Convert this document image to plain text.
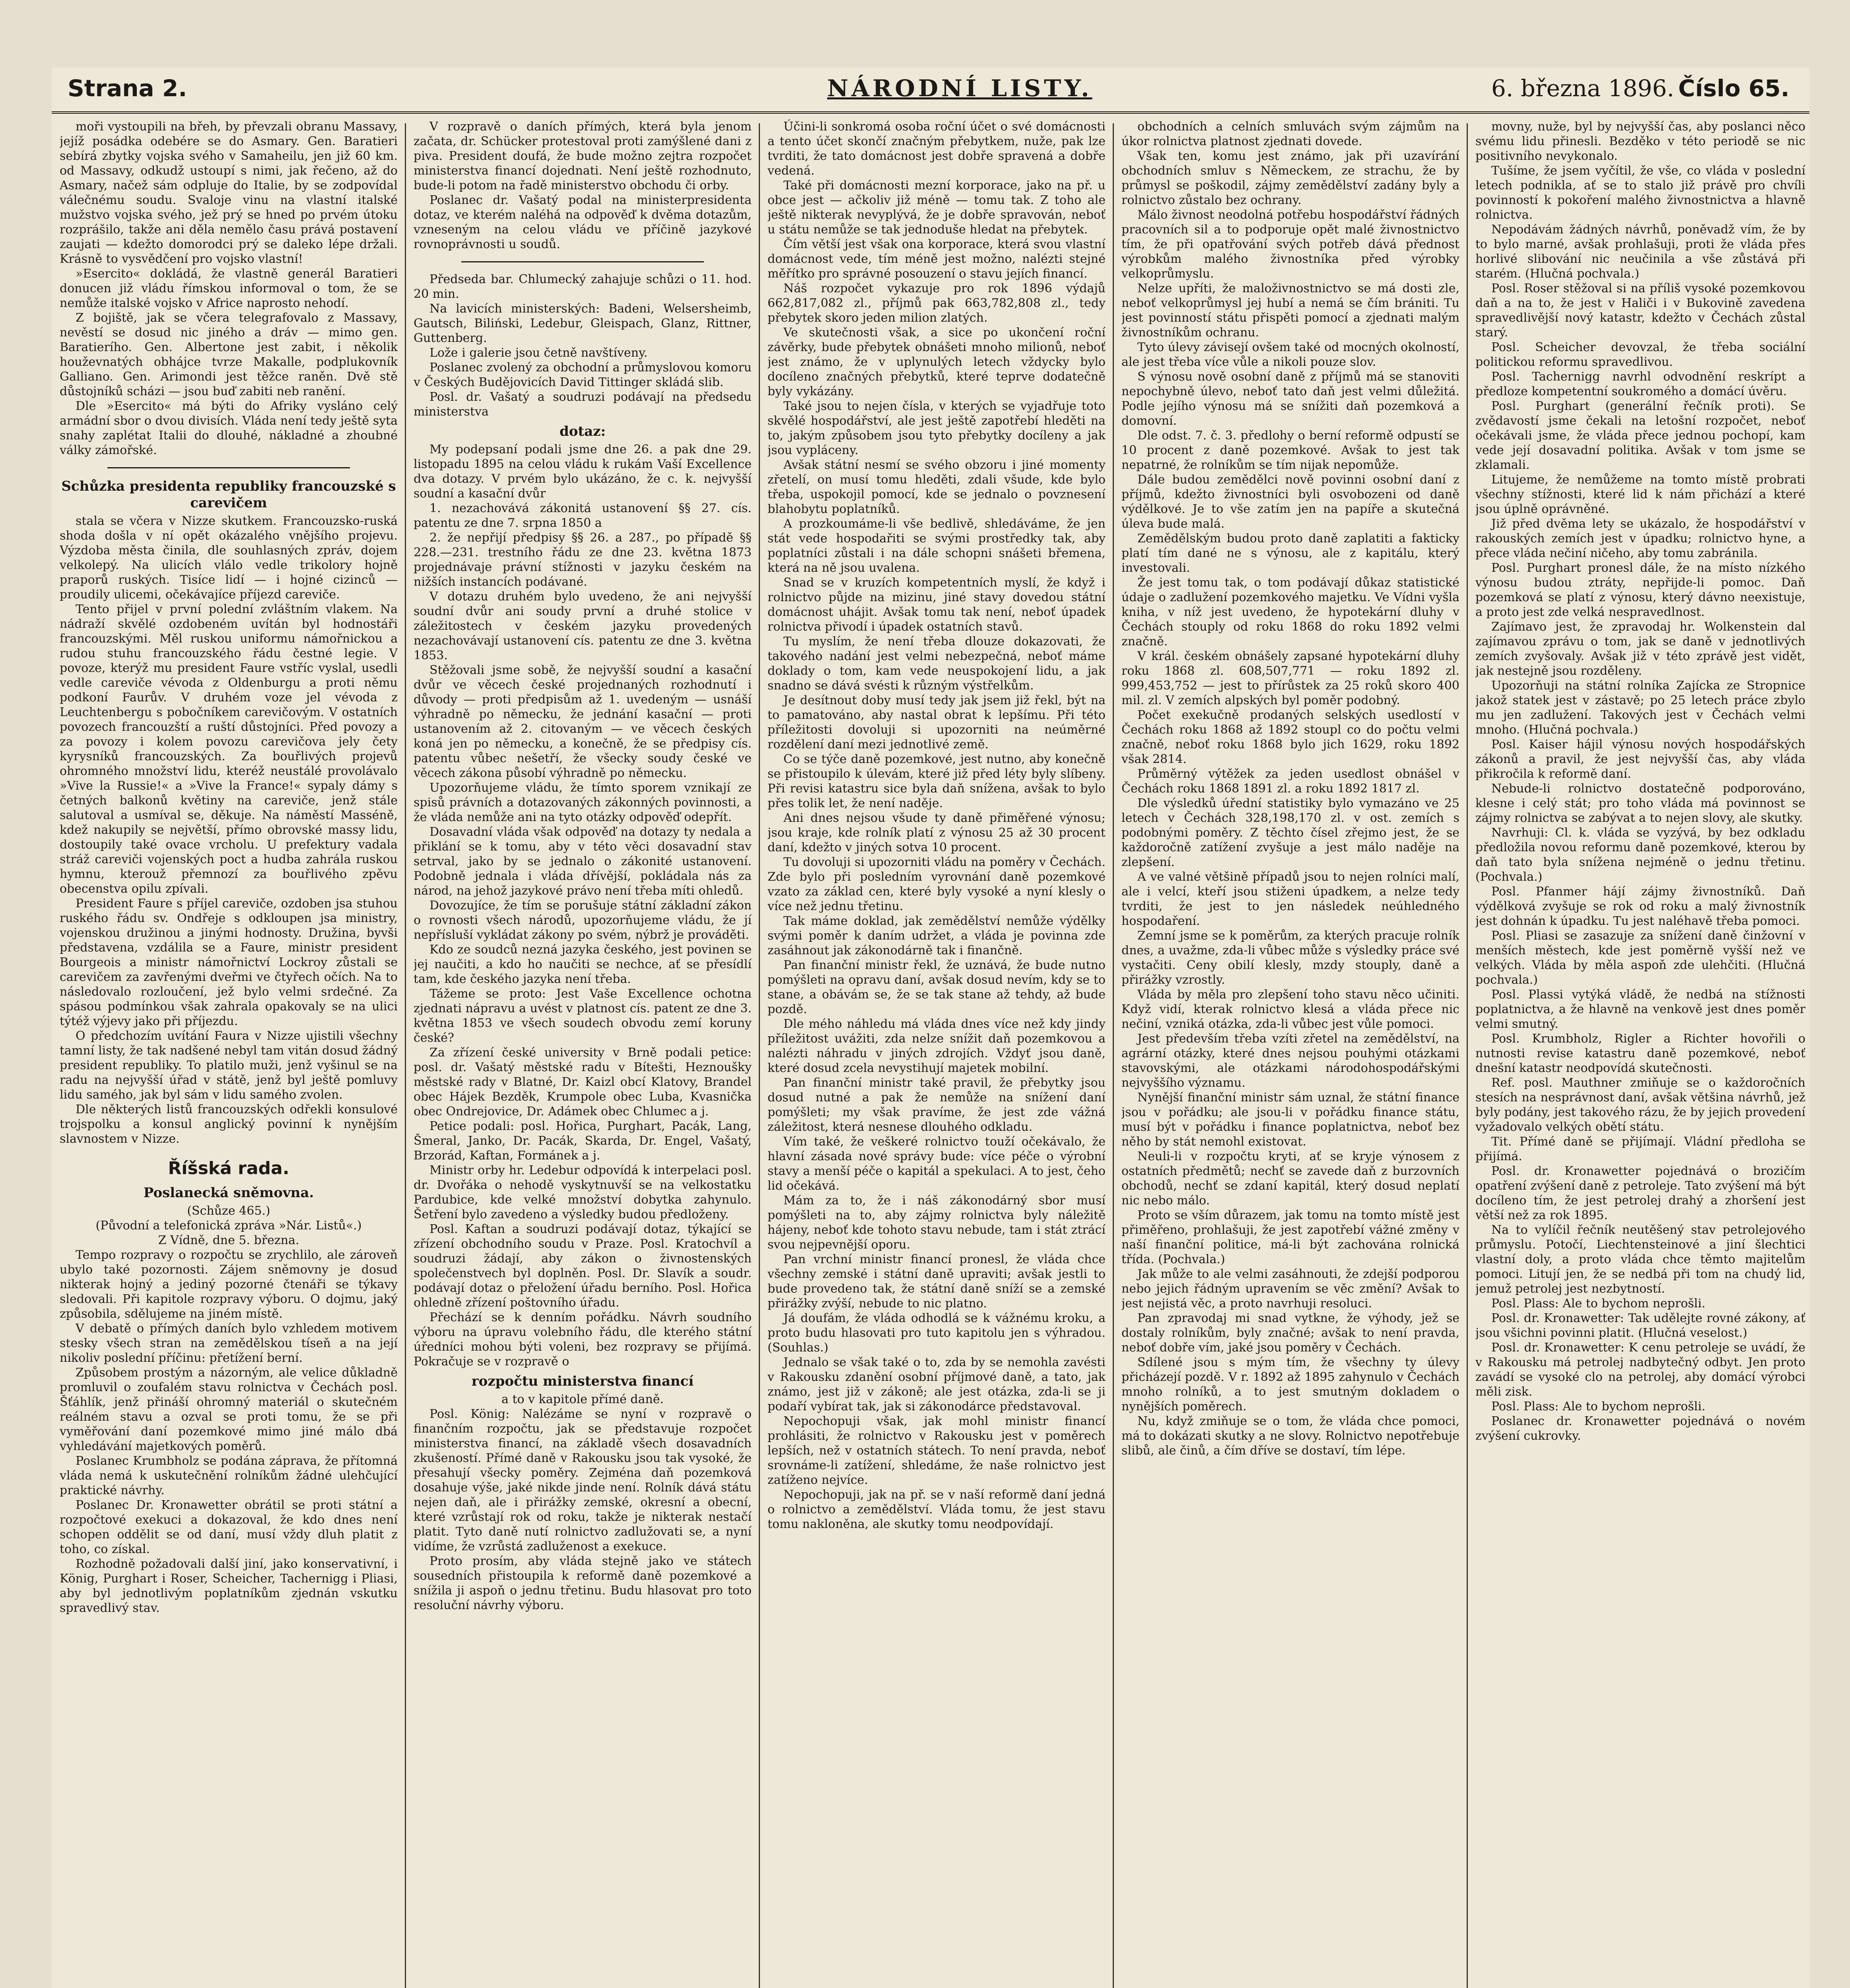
Strana 2.	NÁRODNÍ LISTY.	6. března 1896. Číslo 65.

moři vystoupili na břeh, by převzali obranu Massavy, jejíž posádka odebére se do Asmary. Gen. Baratieri sebírá zbytky vojska svého v Samaheilu, jen již 60 km. od Massavy, odkudž ustoupí s nimi, jak řečeno, až do Asmary, načež sám odpluje do Italie, by se zodpovídal válečnému soudu. Svaloje vinu na vlastní italské mužstvo vojska svého, jež prý se hned po prvém útoku rozprášilo, takže ani děla nemělo času prává postavení zaujati — kdežto domorodci prý se daleko lépe držali. Krásně to vysvědčení pro vojsko vlastní!

»Esercito« dokládá, že vlastně generál Baratieri donucen již vládu římskou informoval o tom, že se nemůže italské vojsko v Africe naprosto nehodí.

Z bojiště, jak se včera telegrafovalo z Massavy, nevěstí se dosud nic jiného a dráv — mimo gen. Baratierího. Gen. Albertone jest zabit, i několik houževnatých obhájce tvrze Makalle, podplukovník Galliano. Gen. Arimondi jest těžce raněn. Dvě stě důstojníků scházi — jsou buď zabiti neb ranění.

Dle »Esercito« má býti do Afriky vysláno celý armádní sbor o dvou divisích. Vláda není tedy ještě syta snahy zaplétat Italii do dlouhé, nákladné a zhoubné války zámořské.

Schůzka presidenta republiky francouzské s carevičem

stala se včera v Nizze skutkem. Francouzsko-ruská shoda došla v ní opět okázalého vnějšího projevu. Výzdoba města činila, dle souhlasných zpráv, dojem velkolepý. Na ulicích vlálo vedle trikolory hojně praporů ruských. Tisíce lidí — i hojné cizinců — proudily ulicemi, očekávajíce příjezd careviče.

Tento přijel v první polední zvláštním vlakem. Na nádraží skvělé ozdobeném uvítán byl hodnostáři francouzskými. Měl ruskou uniformu námořnickou a rudou stuhu francouzského řádu čestné legie. V povoze, kterýž mu president Faure vstříc vyslal, usedli vedle careviče vévoda z Oldenburgu a proti němu podkoní Faurův. V druhém voze jel vévoda z Leuchtenbergu s pobočníkem carevičovým. V ostatních povozech francouzští a ruští důstojníci. Před povozy a za povozy i kolem povozu carevičova jely čety kyrysníků francouzských. Za bouřlivých projevů ohromného množství lidu, kteréž neustálé provolávalo »Vive la Russie!« a »Vive la France!« sypaly dámy s četných balkonů květiny na careviče, jenž stále salutoval a usmíval se, děkuje. Na náměstí Masséně, kdež nakupily se největší, přímo obrovské massy lidu, dostoupily také ovace vrcholu. U prefektury vadala stráž careviči vojenských poct a hudba zahrála ruskou hymnu, kterouž přemnozí za bouřlivého zpěvu obecenstva opilu zpívali.

President Faure s příjel careviče, ozdoben jsa stuhou ruského řádu sv. Ondřeje s odkloupen jsa ministry, vojenskou družinou a jinými hodnosty. Družina, byvši představena, vzdálila se a Faure, ministr president Bourgeois a ministr námořnictví Lockroy zůstali se carevičem za zavřenými dveřmi ve čtyřech očích. Na to následovalo rozloučení, jež bylo velmi srdečné. Za spásou podmínkou však zahrala opakovaly se na ulici týtéž výjevy jako při příjezdu.

O předchozím uvítání Faura v Nizze ujistili všechny tamní listy, že tak nadšené nebyl tam vitán dosud žádný president republiky. To platilo muži, jenž vyšinul se na radu na nejvyšší úřad v státě, jenž byl ještě pomluvy lidu samého, jak byl sám v lidu samého zvolen.

Dle některých listů francouzských odřekli konsulové trojspolku a konsul anglický povinní k nynějším slavnostem v Nizze.

Říšská rada.
Poslanecká sněmovna.

(Schůze 465.)

(Původní a telefonická zpráva »Nár. Listů«.)

Z Vídně, dne 5. března.

Tempo rozpravy o rozpočtu se zrychlilo, ale zároveň ubylo také pozornosti. Zájem sněmovny je dosud nikterak hojný a jediný pozorné čtenáři se týkavy sledovali. Při kapitole rozpravy výboru. O dojmu, jaký způsobila, sdělujeme na jiném místě.

V debatě o přímých daních bylo vzhledem motivem stesky všech stran na zemědělskou tíseň a na její nikoliv poslední příčinu: přetížení berní.

Způsobem prostým a názorným, ale velice důkladně promluvil o zoufalém stavu rolnictva v Čechách posl. Šťáhlík, jenž přináší ohromný materiál o skutečném reálném stavu a ozval se proti tomu, že se při vyměřování daní pozemkové mimo jiné málo dbá vyhledávání majetkových poměrů.

Poslanec Krumbholz se podána záprava, že přítomná vláda nemá k uskutečnění rolníkům žádné ulehčující praktické návrhy.

Poslanec Dr. Kronawetter obrátil se proti státní a rozpočtové exekuci a dokazoval, že kdo dnes není schopen oddělit se od daní, musí vždy dluh platit z toho, co získal.

Rozhodně požadovali další jiní, jako konservativní, i König, Purghart i Roser, Scheicher, Tachernigg i Pliasi, aby byl jednotlivým poplatníkům zjednán vskutku spravedlivý stav.

V rozpravě o daních přímých, která byla jenom začata, dr. Schücker protestoval proti zamýšlené dani z piva. President doufá, že bude možno zejtra rozpočet ministerstva financí dojednati. Není ještě rozhodnuto, bude-li potom na řadě ministerstvo obchodu či orby.

Poslanec dr. Vašatý podal na ministerpresidenta dotaz, ve kterém naléhá na odpověď k dvěma dotazům, vzneseným na celou vládu ve příčině jazykové rovnoprávnosti u soudů.

Předseda bar. Chlumecký zahajuje schůzi o 11. hod. 20 min.

Na lavicích ministerských: Badeni, Welsersheimb, Gautsch, Biliński, Ledebur, Gleispach, Glanz, Rittner, Guttenberg.

Lože i galerie jsou četně navštíveny.

Poslanec zvolený za obchodní a průmyslovou komoru v Českých Budějovicích David Tittinger skládá slib.

Posl. dr. Vašatý a soudruzi podávají na předsedu ministerstva

dotaz:

My podepsaní podali jsme dne 26. a pak dne 29. listopadu 1895 na celou vládu k rukám Vaší Excellence dva dotazy. V prvém bylo ukázáno, že c. k. nejvyšší soudní a kasační dvůr

1. nezachovává zákonitá ustanovení §§ 27. cís. patentu ze dne 7. srpna 1850 a

2. že nepřijí předpisy §§ 26. a 287., po případě §§ 228.—231. trestního řádu ze dne 23. května 1873 projednávaje právní stížnosti v jazyku českém na nižších instancích podávané.

V dotazu druhém bylo uvedeno, že ani nejvyšší soudní dvůr ani soudy první a druhé stolice v záležitostech v českém jazyku provedených nezachovávají ustanovení cís. patentu ze dne 3. května 1853.

Stěžovali jsme sobě, že nejvyšší soudní a kasační dvůr ve věcech české projednaných rozhodnutí i důvody — proti předpisům až 1. uvedeným — usnáší výhradně po německu, že jednání kasační — proti ustanovením až 2. citovaným — ve věcech českých koná jen po německu, a konečně, že se předpisy cís. patentu vůbec nešetří, že všecky soudy české ve věcech zákona působí výhradně po německu.

Upozorňujeme vládu, že tímto sporem vznikají ze spisů právních a dotazovaných zákonných povinnosti, a že vláda nemůže ani na tyto otázky odpověď odepřít.

Dosavadní vláda však odpověď na dotazy ty nedala a přiklání se k tomu, aby v této věci dosavadní stav setrval, jako by se jednalo o zákonité ustanovení. Podobně jednala i vláda dřívější, pokládala nás za národ, na jehož jazykové právo není třeba míti ohledů.

Dovozujíce, že tím se porušuje státní základní zákon o rovnosti všech národů, upozorňujeme vládu, že jí nepřísluší vykládat zákony po svém, nýbrž je prováděti.

Kdo ze soudců nezná jazyka českého, jest povinen se jej naučiti, a kdo ho naučiti se nechce, ať se přesídlí tam, kde českého jazyka není třeba.

Tážeme se proto: Jest Vaše Excellence ochotna zjednati nápravu a uvést v platnost cís. patent ze dne 3. května 1853 ve všech soudech obvodu zemí koruny české?

Za zřízení české university v Brně podali petice: posl. dr. Vašatý městské radu v Bítešti, Heznoušky městské rady v Blatné, Dr. Kaizl obcí Klatovy, Brandel obec Hájek Bezděk, Krumpole obec Luba, Kvasnička obec Ondrejovice, Dr. Adámek obec Chlumec a j.

Petice podali: posl. Hořica, Purghart, Pacák, Lang, Šmeral, Janko, Dr. Pacák, Skarda, Dr. Engel, Vašatý, Brzorád, Kaftan, Formánek a j.

Ministr orby hr. Ledebur odpovídá k interpelaci posl. dr. Dvořáka o nehodě vyskytnuvší se na velkostatku Pardubice, kde velké množství dobytka zahynulo. Šetření bylo zavedeno a výsledky budou předloženy.

Posl. Kaftan a soudruzi podávají dotaz, týkající se zřízení obchodního soudu v Praze. Posl. Kratochvíl a soudruzi žádají, aby zákon o živnostenských společenstvech byl doplněn. Posl. Dr. Slavík a soudr. podávají dotaz o přeložení úřadu berního. Posl. Hořica ohledně zřízení poštovního úřadu.

Přechází se k denním pořádku. Návrh soudního výboru na úpravu volebního řádu, dle kterého státní úředníci mohou býti voleni, bez rozpravy se přijímá. Pokračuje se v rozpravě o

rozpočtu ministerstva financí

a to v kapitole přímé daně.

Posl. König: Nalézáme se nyní v rozpravě o finančním rozpočtu, jak se představuje rozpočet ministerstva financí, na základě všech dosavadních zkušeností. Přímé daně v Rakousku jsou tak vysoké, že přesahují všecky poměry. Zejména daň pozemková dosahuje výše, jaké nikde jinde není. Rolník dává státu nejen daň, ale i přirážky zemské, okresní a obecní, které vzrůstají rok od roku, takže je nikterak nestačí platit. Tyto daně nutí rolnictvo zadlužovati se, a nyní vidíme, že vzrůstá zadluženost a exekuce.

Proto prosím, aby vláda stejně jako ve státech sousedních přistoupila k reformě daně pozemkové a snížila ji aspoň o jednu třetinu. Budu hlasovat pro toto resoluční návrhy výboru.

Účini-li sonkromá osoba roční účet o své domácnosti a tento účet skončí značným přebytkem, nuže, pak lze tvrditi, že tato domácnost jest dobře spravená a dobře vedená.

Také při domácnosti mezní korporace, jako na př. u obce jest — ačkoliv již méně — tomu tak. Z toho ale ještě nikterak nevyplývá, že je dobře spravován, neboť u státu nemůže se tak jednoduše hledat na přebytek.

Čím větší jest však ona korporace, která svou vlastní domácnost vede, tím méně jest možno, nalézti stejné měřítko pro správné posouzení o stavu jejích financí.

Náš rozpočet vykazuje pro rok 1896 výdajů 662,817,082 zl., příjmů pak 663,782,808 zl., tedy přebytek skoro jeden milion zlatých.

Ve skutečnosti však, a sice po ukončení roční závěrky, bude přebytek obnášeti mnoho milionů, neboť jest známo, že v uplynulých letech vždycky bylo docíleno značných přebytků, které teprve dodatečně byly vykázány.

Také jsou to nejen čísla, v kterých se vyjadřuje toto skvělé hospodářství, ale jest ještě zapotřebí hleděti na to, jakým způsobem jsou tyto přebytky docíleny a jak jsou vypláceny.

Avšak státní nesmí se svého obzoru i jiné momenty zřetelí, on musí tomu hleděti, zdali všude, kde bylo třeba, uspokojil pomocí, kde se jednalo o povznesení blahobytu poplatníků.

A prozkoumáme-li vše bedlivě, shledáváme, že jen stát vede hospodařiti se svými prostředky tak, aby poplatníci zůstali i na dále schopni snášeti břemena, která na ně jsou uvalena.

Snad se v kruzích kompetentních myslí, že když i rolnictvo půjde na mizinu, jiné stavy dovedou státní domácnost uhájit. Avšak tomu tak není, neboť úpadek rolnictva přivodí i úpadek ostatních stavů.

Tu myslím, že není třeba dlouze dokazovati, že takového nadání jest velmi nebezpečná, neboť máme doklady o tom, kam vede neuspokojení lidu, a jak snadno se dává svésti k různým výstřelkům.

Je desítnout doby musí tedy jak jsem již řekl, být na to pamatováno, aby nastal obrat k lepšímu. Při této příležitosti dovoluji si upozorniti na neúměrné rozdělení daní mezi jednotlivé země.

Co se týče daně pozemkové, jest nutno, aby konečně se přistoupilo k úlevám, které již před léty byly slíbeny. Při revisi katastru sice byla daň snížena, avšak to bylo přes tolik let, že není naděje.

Ani dnes nejsou všude ty daně přiměřené výnosu; jsou kraje, kde rolník platí z výnosu 25 až 30 procent daní, kdežto v jiných sotva 10 procent.

Tu dovoluji si upozorniti vládu na poměry v Čechách. Zde bylo při posledním vyrovnání daně pozemkové vzato za základ cen, které byly vysoké a nyní klesly o více než jednu třetinu.

Tak máme doklad, jak zemědělství nemůže výdělky svými poměr k daním udržet, a vláda je povinna zde zasáhnout jak zákonodárně tak i finančně.

Pan finanční ministr řekl, že uznává, že bude nutno pomýšleti na opravu daní, avšak dosud nevím, kdy se to stane, a obávám se, že se tak stane až tehdy, až bude pozdě.

Dle mého náhledu má vláda dnes více než kdy jindy příležitost uvážiti, zda nelze snížit daň pozemkovou a nalézti náhradu v jiných zdrojích. Vždyť jsou daně, které dosud zcela nevystihují majetek mobilní.

Pan finanční ministr také pravil, že přebytky jsou dosud nutné a pak že nemůže na snížení daní pomýšleti; my však pravíme, že jest zde vážná záležitost, která nesnese dlouhého odkladu.

Vím také, že veškeré rolnictvo touží očekávalo, že hlavní zásada nové správy bude: více péče o výrobní stavy a menší péče o kapitál a spekulaci. A to jest, čeho lid očekává.

Mám za to, že i náš zákonodárný sbor musí pomýšleti na to, aby zájmy rolnictva byly náležitě hájeny, neboť kde tohoto stavu nebude, tam i stát ztrácí svou nejpevnější oporu.

Pan vrchní ministr financí pronesl, že vláda chce všechny zemské i státní daně upraviti; avšak jestli to bude provedeno tak, že státní daně sníží se a zemské přirážky zvýší, nebude to nic platno.

Já doufám, že vláda odhodlá se k vážnému kroku, a proto budu hlasovati pro tuto kapitolu jen s výhradou. (Souhlas.)

Jednalo se však také o to, zda by se nemohla zavésti v Rakousku zdanění osobní příjmové daně, a tato, jak známo, jest již v zákoně; ale jest otázka, zda-li se ji podaří vybírat tak, jak si zákonodárce představoval.

Nepochopuji však, jak mohl ministr financí prohlásiti, že rolnictvo v Rakousku jest v poměrech lepších, než v ostatních státech. To není pravda, neboť srovnáme-li zatížení, shledáme, že naše rolnictvo jest zatíženo nejvíce.

Nepochopuji, jak na př. se v naší reformě daní jedná o rolnictvo a zemědělství. Vláda tomu, že jest stavu tomu nakloněna, ale skutky tomu neodpovídají.

obchodních a celních smluvách svým zájmům na úkor rolnictva platnost zjednati dovede.

Však ten, komu jest známo, jak při uzavírání obchodních smluv s Německem, ze strachu, že by průmysl se poškodil, zájmy zemědělství zadány byly a rolnictvo zůstalo bez ochrany.

Málo živnost neodolná potřebu hospodářství řádných pracovních sil a to podporuje opět malé živnostnictvo tím, že při opatřování svých potřeb dává přednost výrobkům malého živnostníka před výrobky velkoprůmyslu.

Nelze upříti, že maloživnostnictvo se má dosti zle, neboť velkoprůmysl jej hubí a nemá se čím brániti. Tu jest povinností státu přispěti pomocí a zjednati malým živnostníkům ochranu.

Tyto úlevy závisejí ovšem také od mocných okolností, ale jest třeba více vůle a nikoli pouze slov.

S výnosu nově osobní daně z příjmů má se stanoviti nepochybně úlevo, neboť tato daň jest velmi důležitá. Podle jejího výnosu má se snížiti daň pozemková a domovní.

Dle odst. 7. č. 3. předlohy o berní reformě odpustí se 10 procent z daně pozemkové. Avšak to jest tak nepatrné, že rolníkům se tím nijak nepomůže.

Dále budou zemědělci nově povinni osobní daní z příjmů, kdežto živnostníci byli osvobozeni od daně výdělkové. Je to vše zatím jen na papíře a skutečná úleva bude malá.

Zemědělským budou proto daně zaplatiti a fakticky platí tím dané ne s výnosu, ale z kapitálu, který investovali.

Že jest tomu tak, o tom podávají důkaz statistické údaje o zadlužení pozemkového majetku. Ve Vídni vyšla kniha, v níž jest uvedeno, že hypotekární dluhy v Čechách stouply od roku 1868 do roku 1892 velmi značně.

V král. českém obnášely zapsané hypotekární dluhy roku 1868 zl. 608,507,771 — roku 1892 zl. 999,453,752 — jest to přírůstek za 25 roků skoro 400 mil. zl. V zemích alpských byl poměr podobný.

Počet exekučně prodaných selských usedlostí v Čechách roku 1868 až 1892 stoupl co do počtu velmi značně, neboť roku 1868 bylo jich 1629, roku 1892 však 2814.

Průměrný výtěžek za jeden usedlost obnášel v Čechách roku 1868 1891 zl. a roku 1892 1817 zl.

Dle výsledků úřední statistiky bylo vymazáno ve 25 letech v Čechách 328,198,170 zl. v ost. zemích s podobnými poměry. Z těchto čísel zřejmo jest, že se každoročně zatížení zvyšuje a jest málo naděje na zlepšení.

A ve valné většině případů jsou to nejen rolníci malí, ale i velcí, kteří jsou stiženi úpadkem, a nelze tedy tvrditi, že jest to jen následek neúhledného hospodaření.

Zemní jsme se k poměrům, za kterých pracuje rolník dnes, a uvažme, zda-li vůbec může s výsledky práce své vystačiti. Ceny obilí klesly, mzdy stouply, daně a přirážky vzrostly.

Vláda by měla pro zlepšení toho stavu něco učiniti. Když vidí, kterak rolnictvo klesá a vláda přece nic nečiní, vzniká otázka, zda-li vůbec jest vůle pomoci.

Jest především třeba vzíti zřetel na zemědělství, na agrární otázky, které dnes nejsou pouhými otázkami stavovskými, ale otázkami národohospodářskými nejvyššího významu.

Nynější finanční ministr sám uznal, že státní finance jsou v pořádku; ale jsou-li v pořádku finance státu, musí být v pořádku i finance poplatnictva, neboť bez něho by stát nemohl existovat.

Neuli-li v rozpočtu kryti, ať se kryje výnosem z ostatních předmětů; nechť se zavede daň z burzovních obchodů, nechť se zdaní kapitál, který dosud neplatí nic nebo málo.

Proto se vším důrazem, jak tomu na tomto místě jest přiměřeno, prohlašuji, že jest zapotřebí vážné změny v naší finanční politice, má-li být zachována rolnická třída. (Pochvala.)

Jak může to ale velmi zasáhnouti, že zdejší podporou nebo jejich řádným upravením se věc změní? Avšak to jest nejistá věc, a proto navrhuji resoluci.

Pan zpravodaj mi snad vytkne, že výhody, jež se dostaly rolníkům, byly značné; avšak to není pravda, neboť dobře vím, jaké jsou poměry v Čechách.

Sdílené jsou s mým tím, že všechny ty úlevy přicházejí pozdě. V r. 1892 až 1895 zahynulo v Čechách mnoho rolníků, a to jest smutným dokladem o nynějších poměrech.

Nu, když zmiňuje se o tom, že vláda chce pomoci, má to dokázati skutky a ne slovy. Rolnictvo nepotřebuje slibů, ale činů, a čím dříve se dostaví, tím lépe.

movny, nuže, byl by nejvyšší čas, aby poslanci něco svému lidu přinesli. Bezděko v této periodě se nic positivního nevykonalo.

Tušíme, že jsem vyčítil, že vše, co vláda v poslední letech podnikla, ať se to stalo již právě pro chvíli povinností k pokoření malého živnostnictva a hlavně rolnictva.

Nepodávám žádných návrhů, poněvadž vím, že by to bylo marné, avšak prohlašuji, proti že vláda přes horlivé slibování nic neučinila a vše zůstává při starém. (Hlučná pochvala.)

Posl. Roser stěžoval si na příliš vysoké pozemkovou daň a na to, že jest v Haliči i v Bukovině zavedena spravedlivější nový katastr, kdežto v Čechách zůstal starý.

Posl. Scheicher devovzal, že třeba sociální politickou reformu spravedlivou.

Posl. Tachernigg navrhl odvodnění reskrípt a předloze kompetentní soukromého a domácí úvěru.

Posl. Purghart (generální řečník proti). Se zvědavostí jsme čekali na letošní rozpočet, neboť očekávali jsme, že vláda přece jednou pochopí, kam vede její dosavadní politika. Avšak v tom jsme se zklamali.

Litujeme, že nemůžeme na tomto místě probrati všechny stížnosti, které lid k nám přichází a které jsou úplně oprávněné.

Již před dvěma lety se ukázalo, že hospodářství v rakouských zemích jest v úpadku; rolnictvo hyne, a přece vláda nečiní ničeho, aby tomu zabránila.

Posl. Purghart pronesl dále, že na místo nízkého výnosu budou ztráty, nepřijde-li pomoc. Daň pozemková se platí z výnosu, který dávno neexistuje, a proto jest zde velká nespravedlnost.

Zajímavo jest, že zpravodaj hr. Wolkenstein dal zajímavou zprávu o tom, jak se daně v jednotlivých zemích zvyšovaly. Avšak již v této zprávě jest vidět, jak nestejně jsou rozděleny.

Upozorňuji na státní rolníka Zajícka ze Stropnice jakož statek jest v zástavě; po 25 letech práce zbylo mu jen zadlužení. Takových jest v Čechách velmi mnoho. (Hlučná pochvala.)

Posl. Kaiser hájil výnosu nových hospodářských zákonů a pravil, že jest nejvyšší čas, aby vláda přikročila k reformě daní.

Nebude-li rolnictvo dostatečně podporováno, klesne i celý stát; pro toho vláda má povinnost se zájmy rolnictva se zabývat a to nejen slovy, ale skutky.

Navrhuji: Cl. k. vláda se vyzývá, by bez odkladu předložila novou reformu daně pozemkové, kterou by daň tato byla snížena nejméně o jednu třetinu. (Pochvala.)

Posl. Pfanmer hájí zájmy živnostníků. Daň výdělková zvyšuje se rok od roku a malý živnostník jest dohnán k úpadku. Tu jest naléhavě třeba pomoci.

Posl. Pliasi se zasazuje za snížení daně činžovní v menších městech, kde jest poměrně vyšší než ve velkých. Vláda by měla aspoň zde ulehčiti. (Hlučná pochvala.)

Posl. Plassi vytýká vládě, že nedbá na stížnosti poplatnictva, a že hlavně na venkově jest dnes poměr velmi smutný.

Posl. Krumbholz, Rigler a Richter hovořili o nutnosti revise katastru daně pozemkové, neboť dnešní katastr neodpovídá skutečnosti.

Ref. posl. Mauthner zmiňuje se o každoročních stesích na nesprávnost daní, avšak většina návrhů, jež byly podány, jest takového rázu, že by jejich provedení vyžadovalo velkých obětí státu.

Tit. Přímé daně se přijímají. Vládní předloha se přijímá.

Posl. dr. Kronawetter pojednává o brozičím opatření zvýšení daně z petroleje. Tato zvýšení má být docíleno tím, že jest petrolej drahý a zhoršení jest větší než za rok 1895.

Na to vylíčil řečník neutěšený stav petrolejového průmyslu. Potočí, Liechtensteinové a jiní šlechtici vlastní doly, a proto vláda chce těmto majitelům pomoci. Litují jen, že se nedbá při tom na chudý lid, jemuž petrolej jest nezbytností.

Posl. Plass: Ale to bychom neprošli.

Posl. dr. Kronawetter: Tak udělejte rovné zákony, ať jsou všichni povinni platit. (Hlučná veselost.)

Posl. dr. Kronawetter: K cenu petroleje se uvádí, že v Rakousku má petrolej nadbytečný odbyt. Jen proto zavádí se vysoké clo na petrolej, aby domácí výrobci měli zisk.

Posl. Plass: Ale to bychom neprošli.

Poslanec dr. Kronawetter pojednává o novém zvýšení cukrovky.
